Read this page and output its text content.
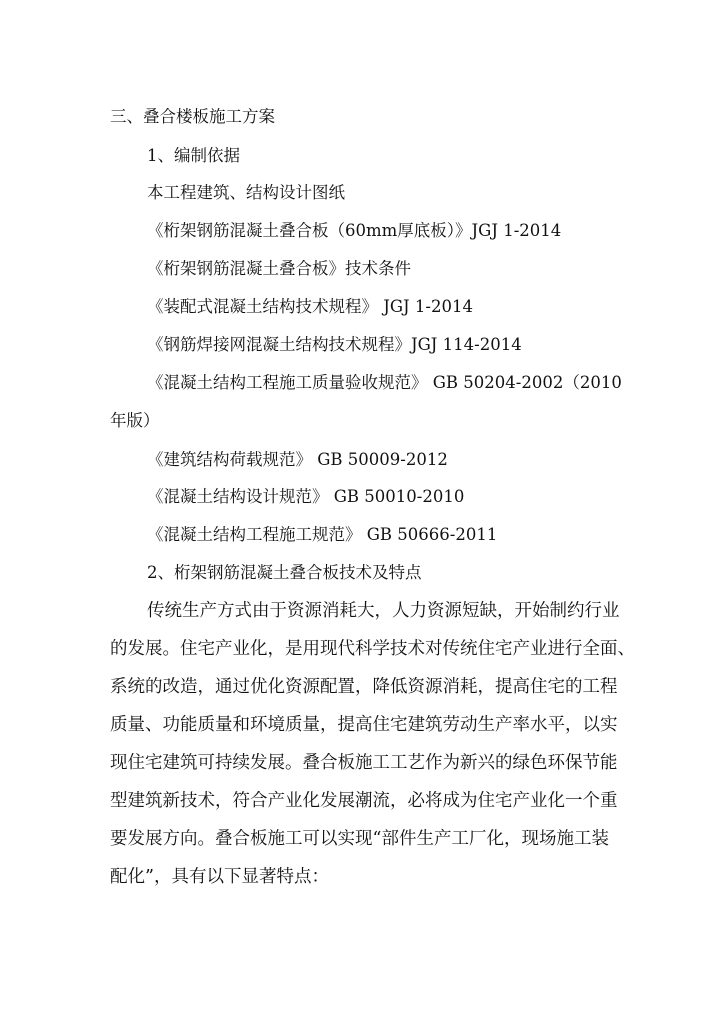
三、叠合楼板施工方案
1、编制依据
本工程建筑、结构设计图纸
《桁架钢筋混凝土叠合板（60mm厚底板）》JGJ 1-2014
《桁架钢筋混凝土叠合板》技术条件
《装配式混凝土结构技术规程》 JGJ 1-2014
《钢筋焊接网混凝土结构技术规程》JGJ 114-2014
《混凝土结构工程施工质量验收规范》 GB 50204-2002（2010
年版）
《建筑结构荷载规范》 GB 50009-2012
《混凝土结构设计规范》 GB 50010-2010
《混凝土结构工程施工规范》 GB 50666-2011
2、桁架钢筋混凝土叠合板技术及特点
传统生产方式由于资源消耗大，人力资源短缺，开始制约行业
的发展。住宅产业化，是用现代科学技术对传统住宅产业进行全面、
系统的改造，通过优化资源配置，降低资源消耗，提高住宅的工程
质量、功能质量和环境质量，提高住宅建筑劳动生产率水平，以实
现住宅建筑可持续发展。叠合板施工工艺作为新兴的绿色环保节能
型建筑新技术，符合产业化发展潮流，必将成为住宅产业化一个重
要发展方向。叠合板施工可以实现“部件生产工厂化，现场施工装
配化”，具有以下显著特点：
